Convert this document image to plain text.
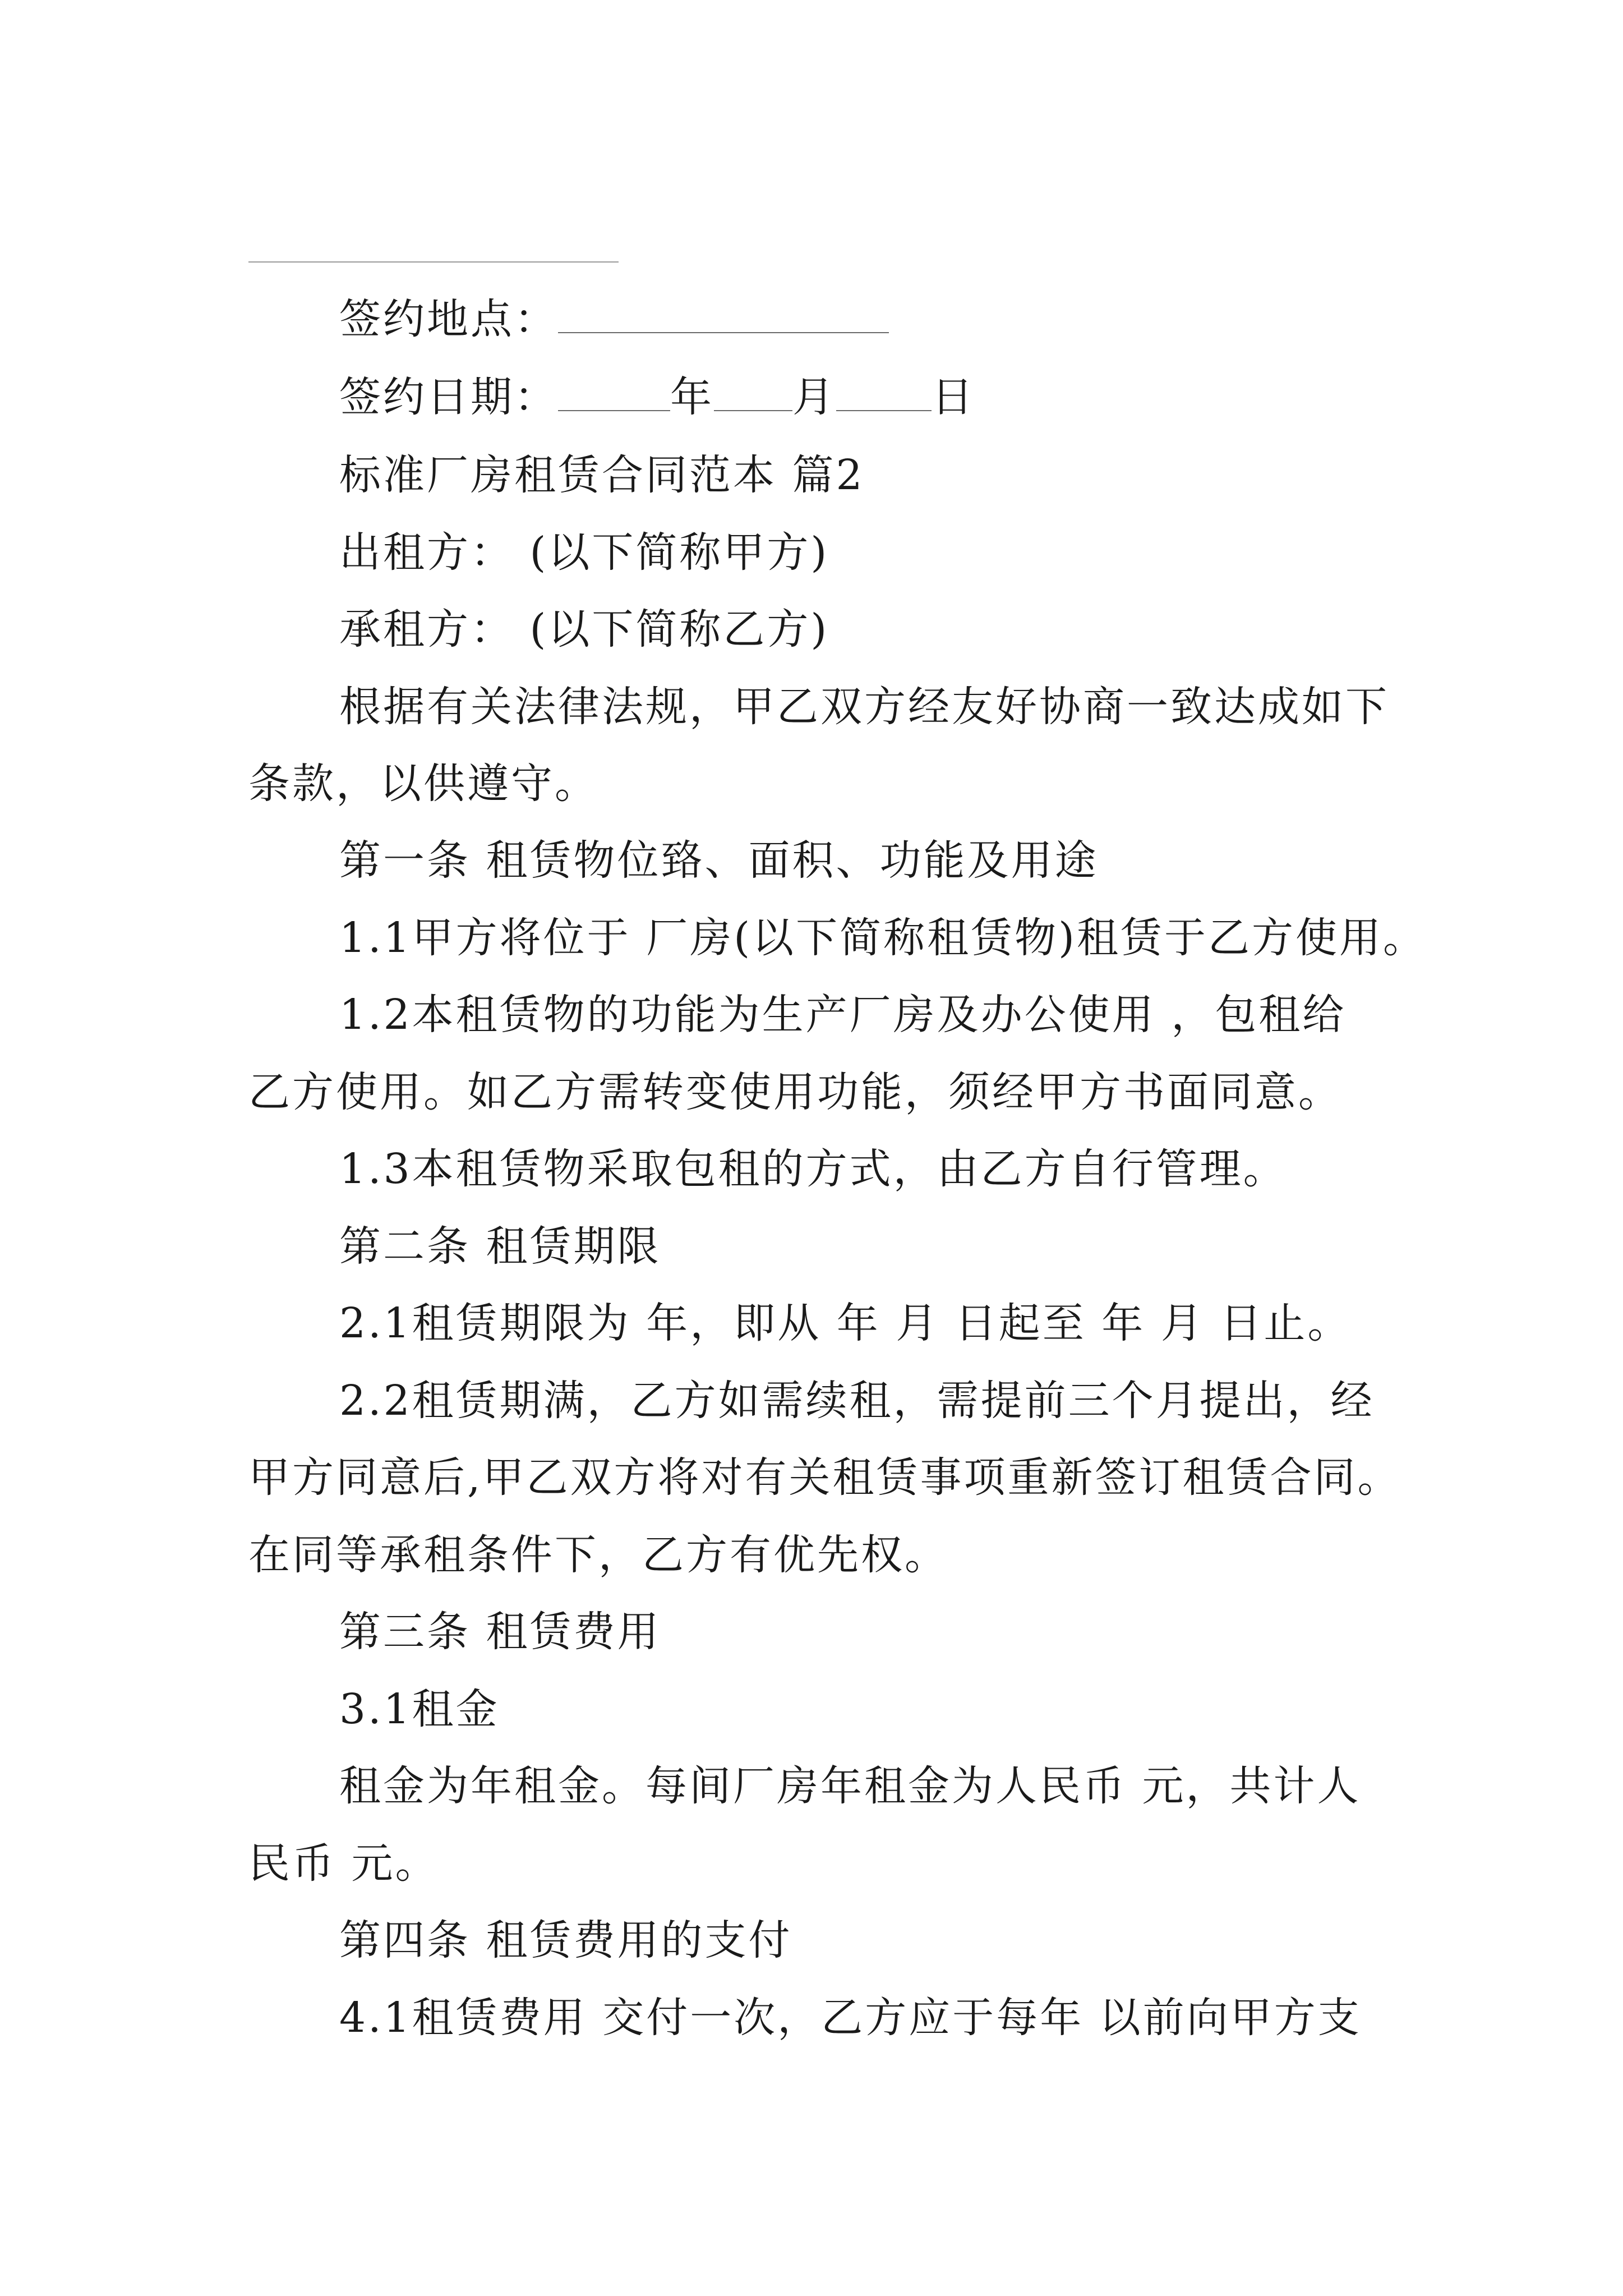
签约地点：
签约日期：	年 月 日
标准厂房租赁合同范本 篇2
出租方： (以下简称甲方)
承租方： (以下简称乙方)
根据有关法律法规，甲乙双方经友好协商一致达成如下
条款，以供遵守。
第一条 租赁物位臵、面积、功能及用途
1.1甲方将位于 厂房(以下简称租赁物)租赁于乙方使用。
1.2本租赁物的功能为生产厂房及办公使用 ，包租给
乙方使用。如乙方需转变使用功能，须经甲方书面同意。
1.3本租赁物采取包租的方式，由乙方自行管理。
第二条 租赁期限
2.1租赁期限为 年，即从 年 月 日起至 年 月 日止。
2.2租赁期满，乙方如需续租，需提前三个月提出，经
甲方同意后,甲乙双方将对有关租赁事项重新签订租赁合同。
在同等承租条件下，乙方有优先权。
第三条 租赁费用
3.1租金
租金为年租金。每间厂房年租金为人民币 元，共计人
民币 元。
第四条 租赁费用的支付
4.1租赁费用 交付一次，乙方应于每年 以前向甲方支
